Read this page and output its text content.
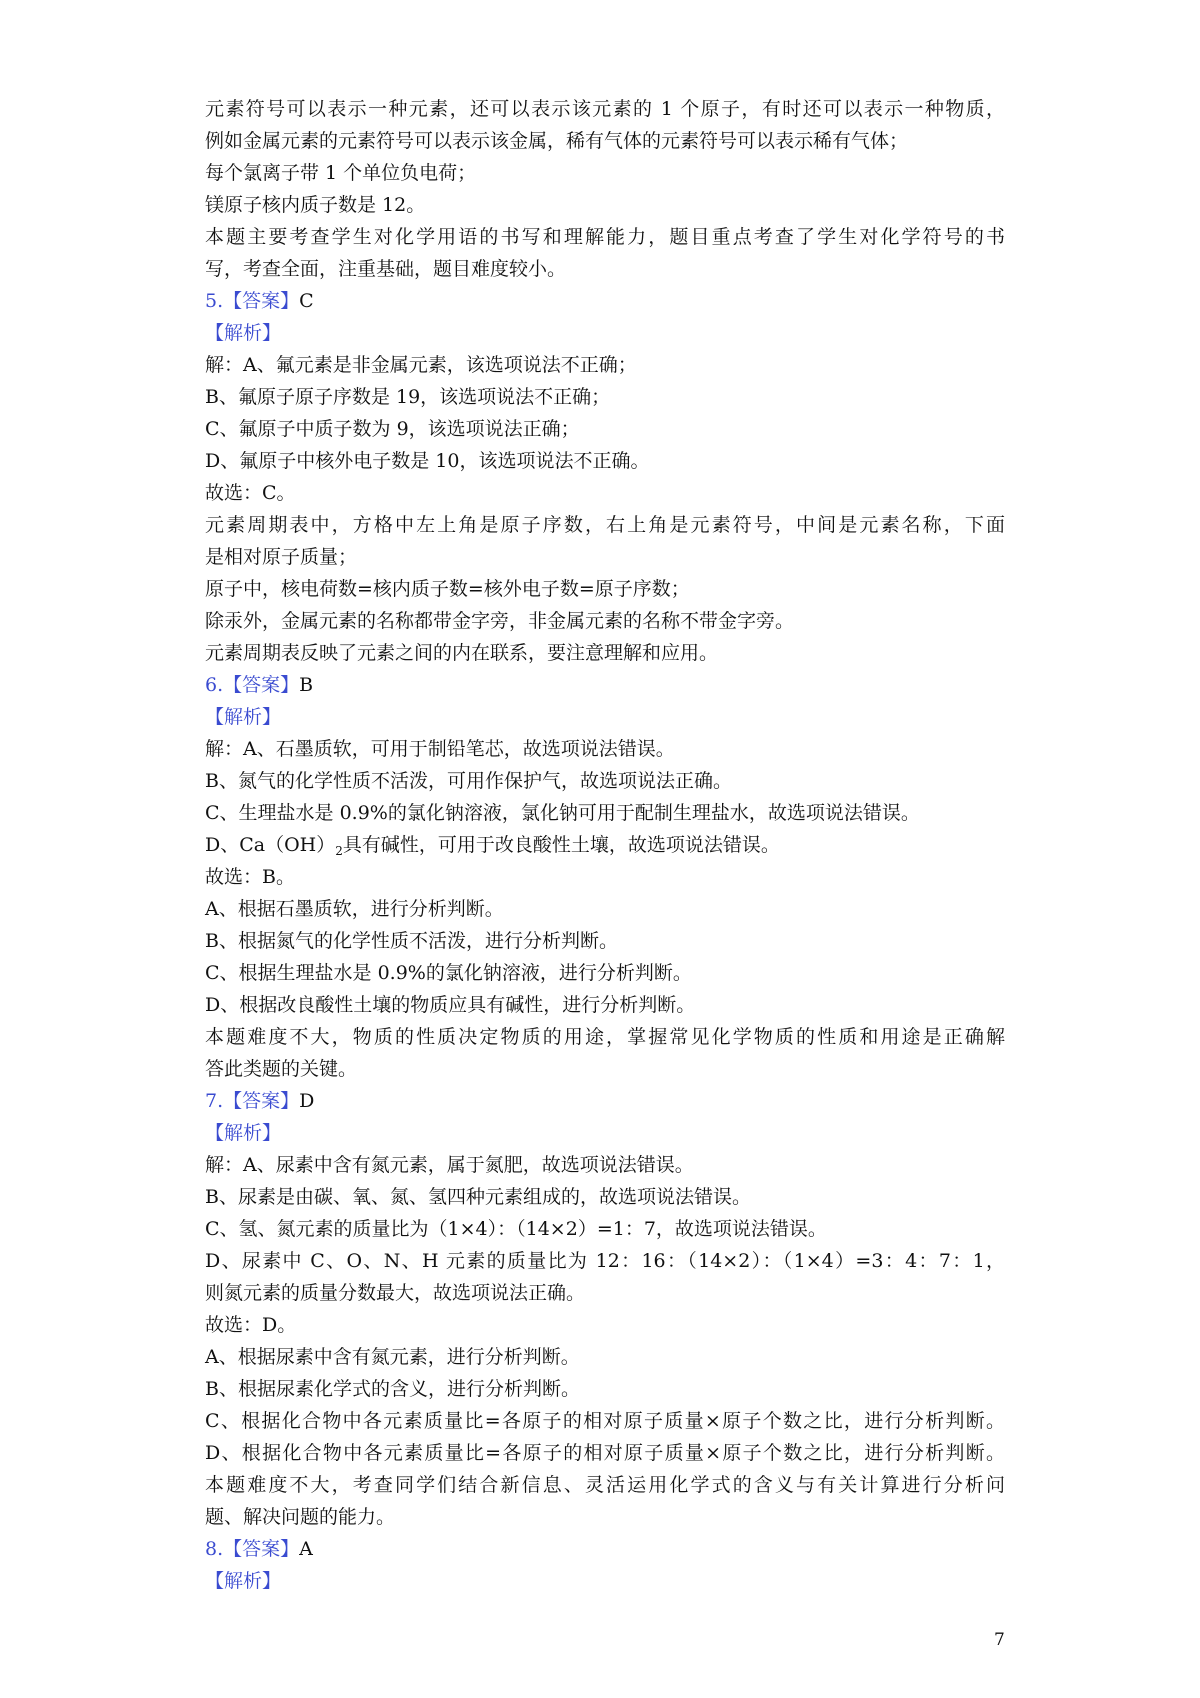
元素符号可以表示一种元素，还可以表示该元素的 1 个原子，有时还可以表示一种物质，
例如金属元素的元素符号可以表示该金属，稀有气体的元素符号可以表示稀有气体；
每个氯离子带 1 个单位负电荷；
镁原子核内质子数是 12。
本题主要考查学生对化学用语的书写和理解能力，题目重点考查了学生对化学符号的书
写，考查全面，注重基础，题目难度较小。
5.【答案】C
【解析】
解：A、氟元素是非金属元素，该选项说法不正确；
B、氟原子原子序数是 19，该选项说法不正确；
C、氟原子中质子数为 9，该选项说法正确；
D、氟原子中核外电子数是 10，该选项说法不正确。
故选：C。
元素周期表中，方格中左上角是原子序数，右上角是元素符号，中间是元素名称，下面
是相对原子质量；
原子中，核电荷数=核内质子数=核外电子数=原子序数；
除汞外，金属元素的名称都带金字旁，非金属元素的名称不带金字旁。
元素周期表反映了元素之间的内在联系，要注意理解和应用。
6.【答案】B
【解析】
解：A、石墨质软，可用于制铅笔芯，故选项说法错误。
B、氮气的化学性质不活泼，可用作保护气，故选项说法正确。
C、生理盐水是 0.9%的氯化钠溶液，氯化钠可用于配制生理盐水，故选项说法错误。
D、$Ca(OH)_2$具有碱性，可用于改良酸性土壤，故选项说法错误。
故选：B。
A、根据石墨质软，进行分析判断。
B、根据氮气的化学性质不活泼，进行分析判断。
C、根据生理盐水是 0.9%的氯化钠溶液，进行分析判断。
D、根据改良酸性土壤的物质应具有碱性，进行分析判断。
本题难度不大，物质的性质决定物质的用途，掌握常见化学物质的性质和用途是正确解
答此类题的关键。
7.【答案】D
【解析】
解：A、尿素中含有氮元素，属于氮肥，故选项说法错误。
B、尿素是由碳、氧、氮、氢四种元素组成的，故选项说法错误。
C、氢、氮元素的质量比为（1×4）：（14×2）=1：7，故选项说法错误。
D、尿素中 C、O、N、H 元素的质量比为 12：16：（14×2）：（1×4）=3：4：7：1，
则氮元素的质量分数最大，故选项说法正确。
故选：D。
A、根据尿素中含有氮元素，进行分析判断。
B、根据尿素化学式的含义，进行分析判断。
C、根据化合物中各元素质量比=各原子的相对原子质量×原子个数之比，进行分析判断。
D、根据化合物中各元素质量比=各原子的相对原子质量×原子个数之比，进行分析判断。
本题难度不大，考查同学们结合新信息、灵活运用化学式的含义与有关计算进行分析问
题、解决问题的能力。
8.【答案】A
【解析】
7
